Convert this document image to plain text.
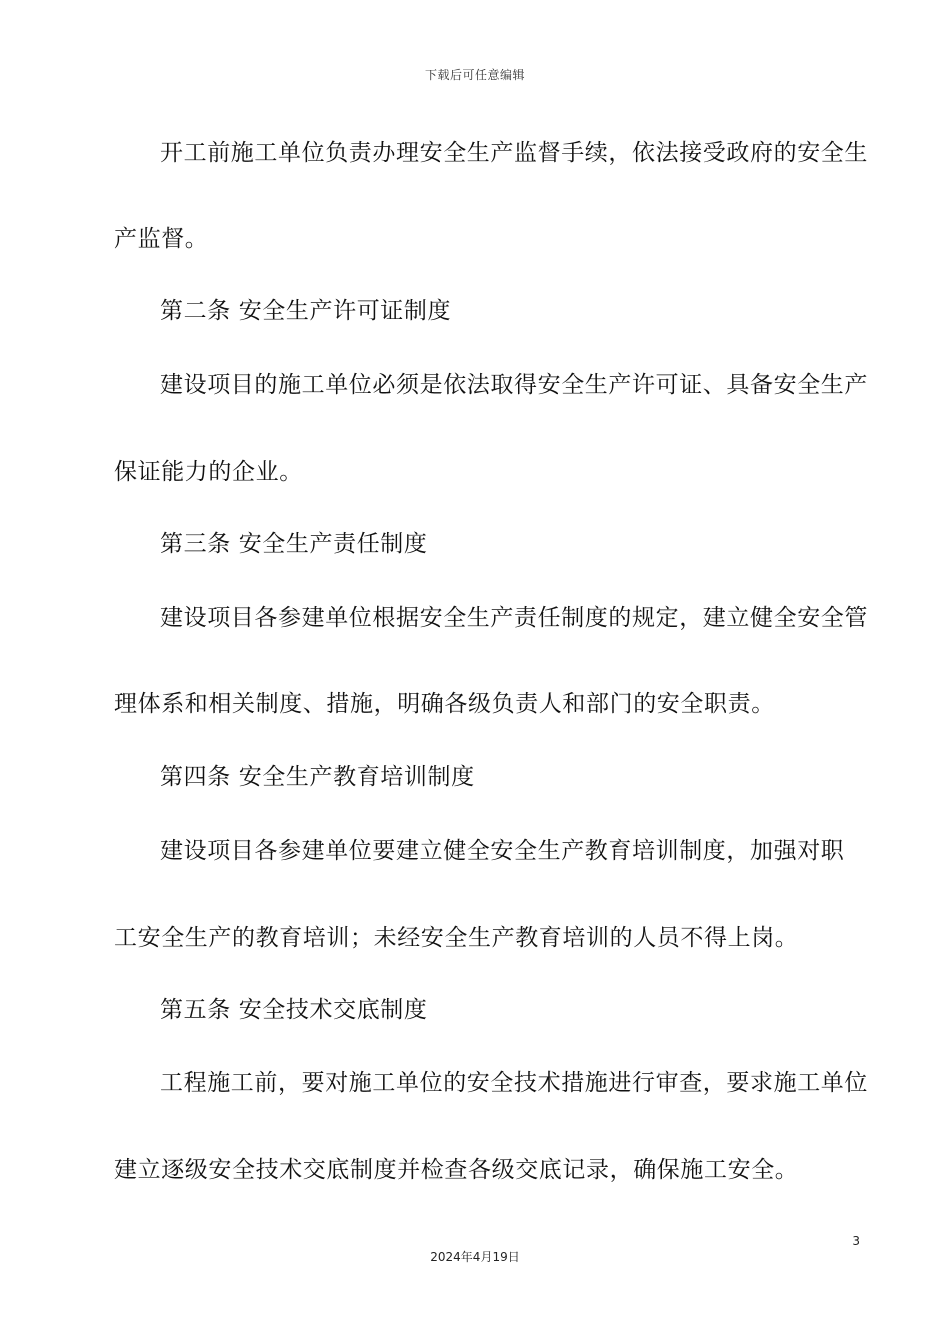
下载后可任意编辑
开工前施工单位负责办理安全生产监督手续，依法接受政府的安全生
产监督。
第二条 安全生产许可证制度
建设项目的施工单位必须是依法取得安全生产许可证、具备安全生产
保证能力的企业。
第三条 安全生产责任制度
建设项目各参建单位根据安全生产责任制度的规定，建立健全安全管
理体系和相关制度、措施，明确各级负责人和部门的安全职责。
第四条 安全生产教育培训制度
建设项目各参建单位要建立健全安全生产教育培训制度，加强对职
工安全生产的教育培训；未经安全生产教育培训的人员不得上岗。
第五条 安全技术交底制度
工程施工前，要对施工单位的安全技术措施进行审查，要求施工单位
建立逐级安全技术交底制度并检查各级交底记录，确保施工安全。
3
2024年4月19日
